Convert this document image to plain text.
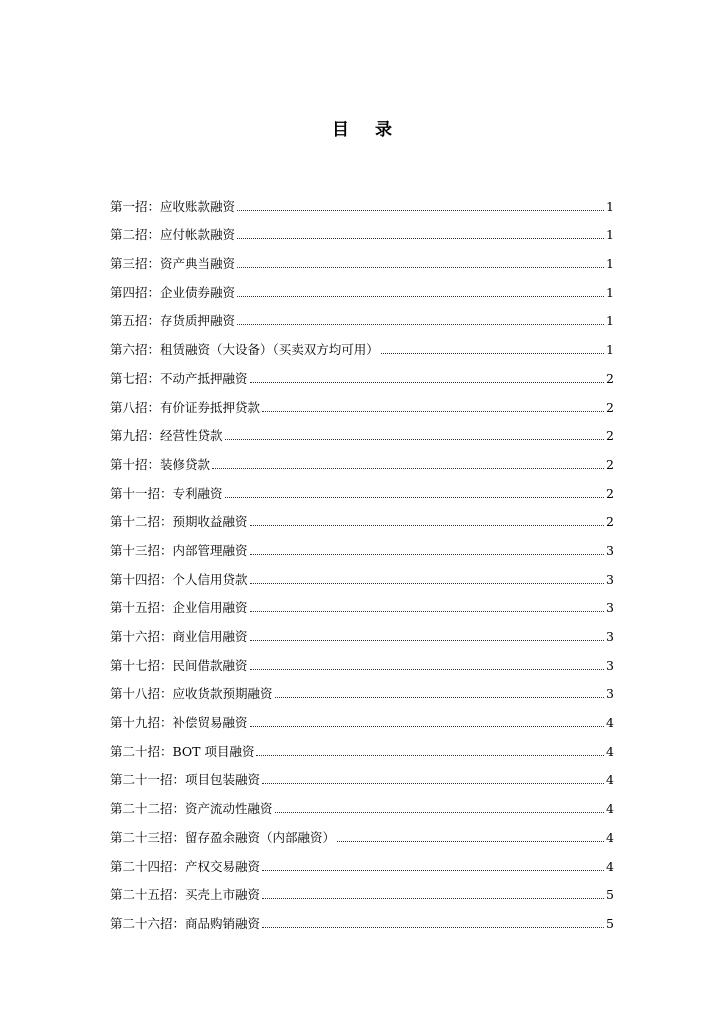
目 录
第一招：应收账款融资	1
第二招：应付帐款融资	1
第三招：资产典当融资	1
第四招：企业债券融资	1
第五招：存货质押融资	1
第六招：租赁融资（大设备）（买卖双方均可用）	1
第七招：不动产抵押融资	2
第八招：有价证券抵押贷款	2
第九招：经营性贷款	2
第十招：装修贷款	2
第十一招：专利融资	2
第十二招：预期收益融资	2
第十三招：内部管理融资	3
第十四招：个人信用贷款	3
第十五招：企业信用融资	3
第十六招：商业信用融资	3
第十七招：民间借款融资	3
第十八招：应收货款预期融资	3
第十九招：补偿贸易融资	4
第二十招：BOT 项目融资	4
第二十一招：项目包装融资	4
第二十二招：资产流动性融资	4
第二十三招：留存盈余融资（内部融资）	4
第二十四招：产权交易融资	4
第二十五招：买壳上市融资	5
第二十六招：商品购销融资	5
